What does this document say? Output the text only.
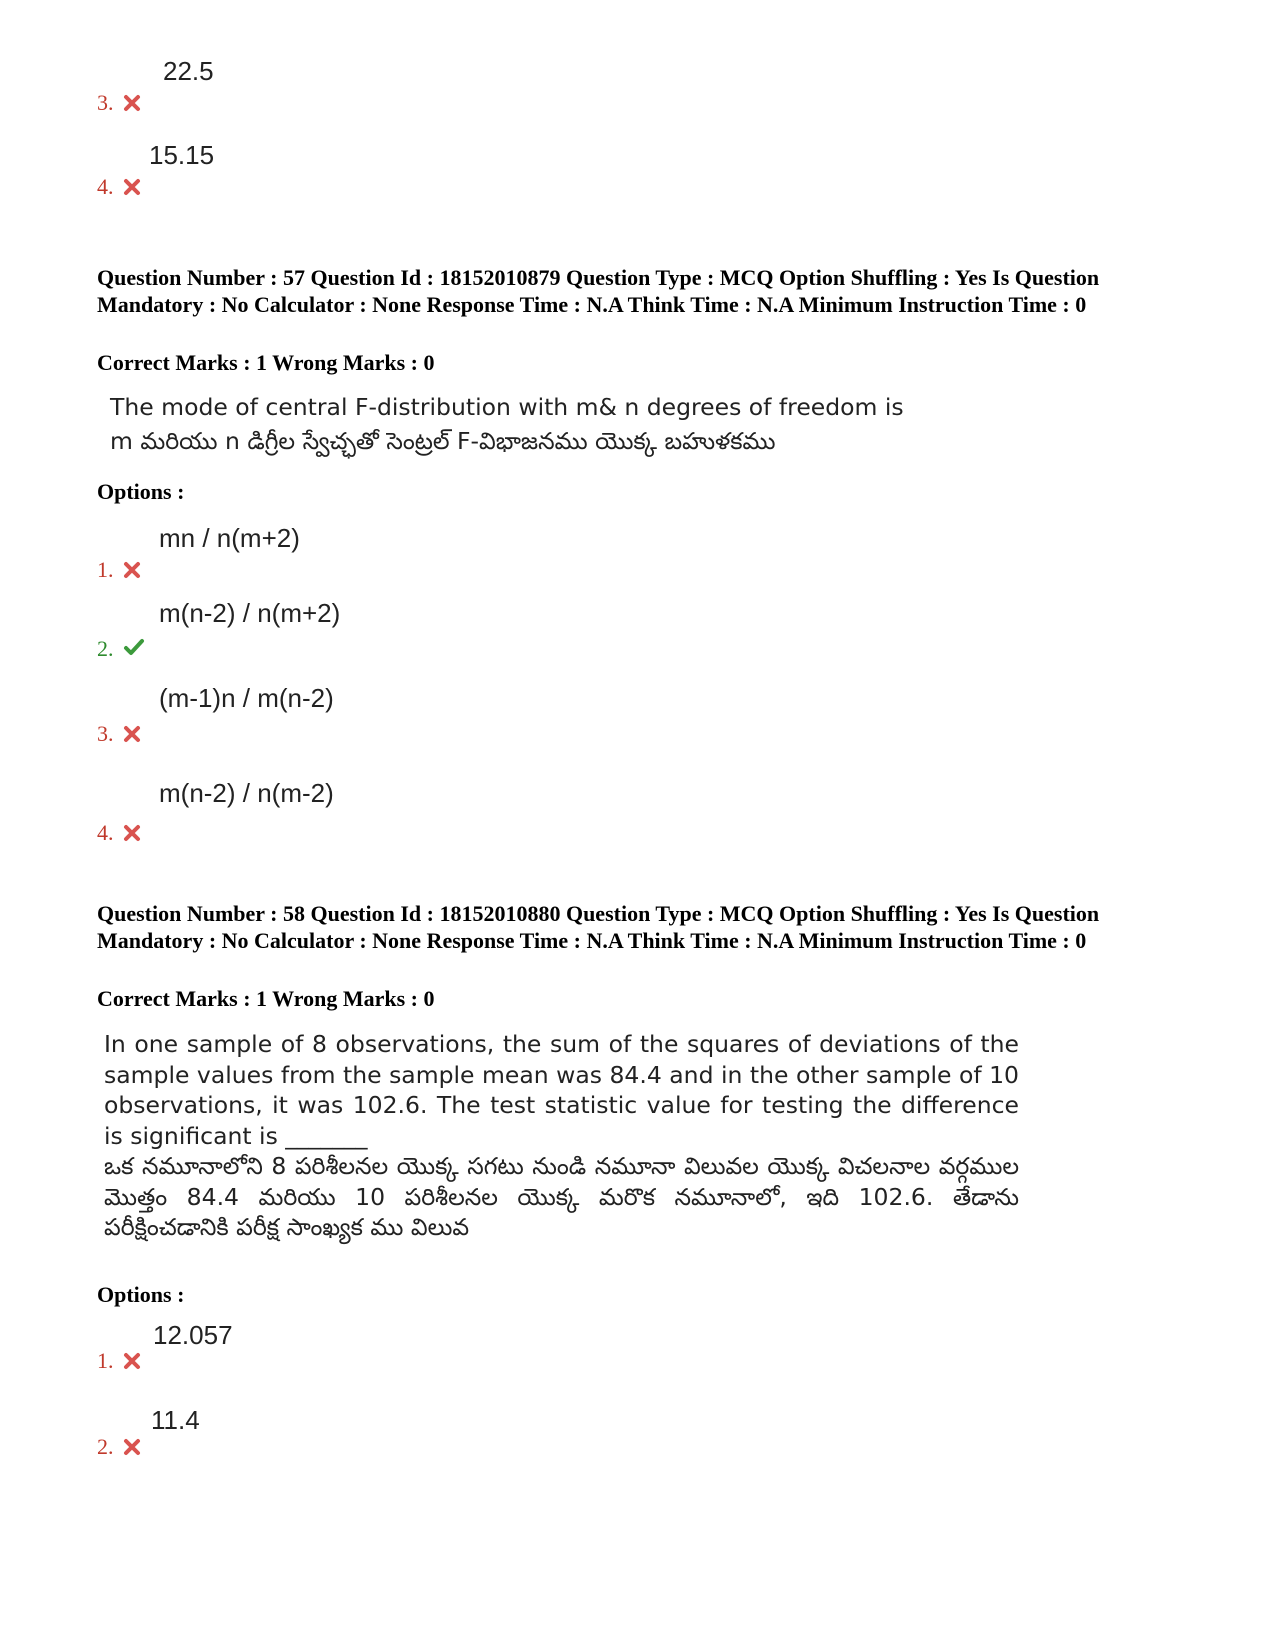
3.
22.5
4.
15.15
Question Number : 57 Question Id : 18152010879 Question Type : MCQ Option Shuffling : Yes Is Question Mandatory : No Calculator : None Response Time : N.A Think Time : N.A Minimum Instruction Time : 0
Correct Marks : 1 Wrong Marks : 0

The mode of central F-distribution with m& n degrees of freedom is

m మరియు n డిగ్రీల స్వేచ్ఛతో సెంట్రల్ F-విభాజనము యొక్క బహుళకము

Options :
1.
mn / n(m+2)
2.
m(n-2) / n(m+2)
3.
(m-1)n / m(n-2)
4.
m(n-2) / n(m-2)
Question Number : 58 Question Id : 18152010880 Question Type : MCQ Option Shuffling : Yes Is Question Mandatory : No Calculator : None Response Time : N.A Think Time : N.A Minimum Instruction Time : 0
Correct Marks : 1 Wrong Marks : 0

In one sample of 8 observations, the sum of the squares of deviations of the sample values from the sample mean was 84.4 and in the other sample of 10 observations, it was 102.6. The test statistic value for testing the difference is significant is _______

ఒక నమూనాలోని 8 పరిశీలనల యొక్క సగటు నుండి నమూనా విలువల యొక్క విచలనాల వర్గముల మొత్తం 84.4 మరియు 10 పరిశీలనల యొక్క మరొక నమూనాలో, ఇది 102.6. తేడాను పరీక్షించడానికి పరీక్ష సాంఖ్యక ము విలువ

Options :
1.
12.057
2.
11.4
